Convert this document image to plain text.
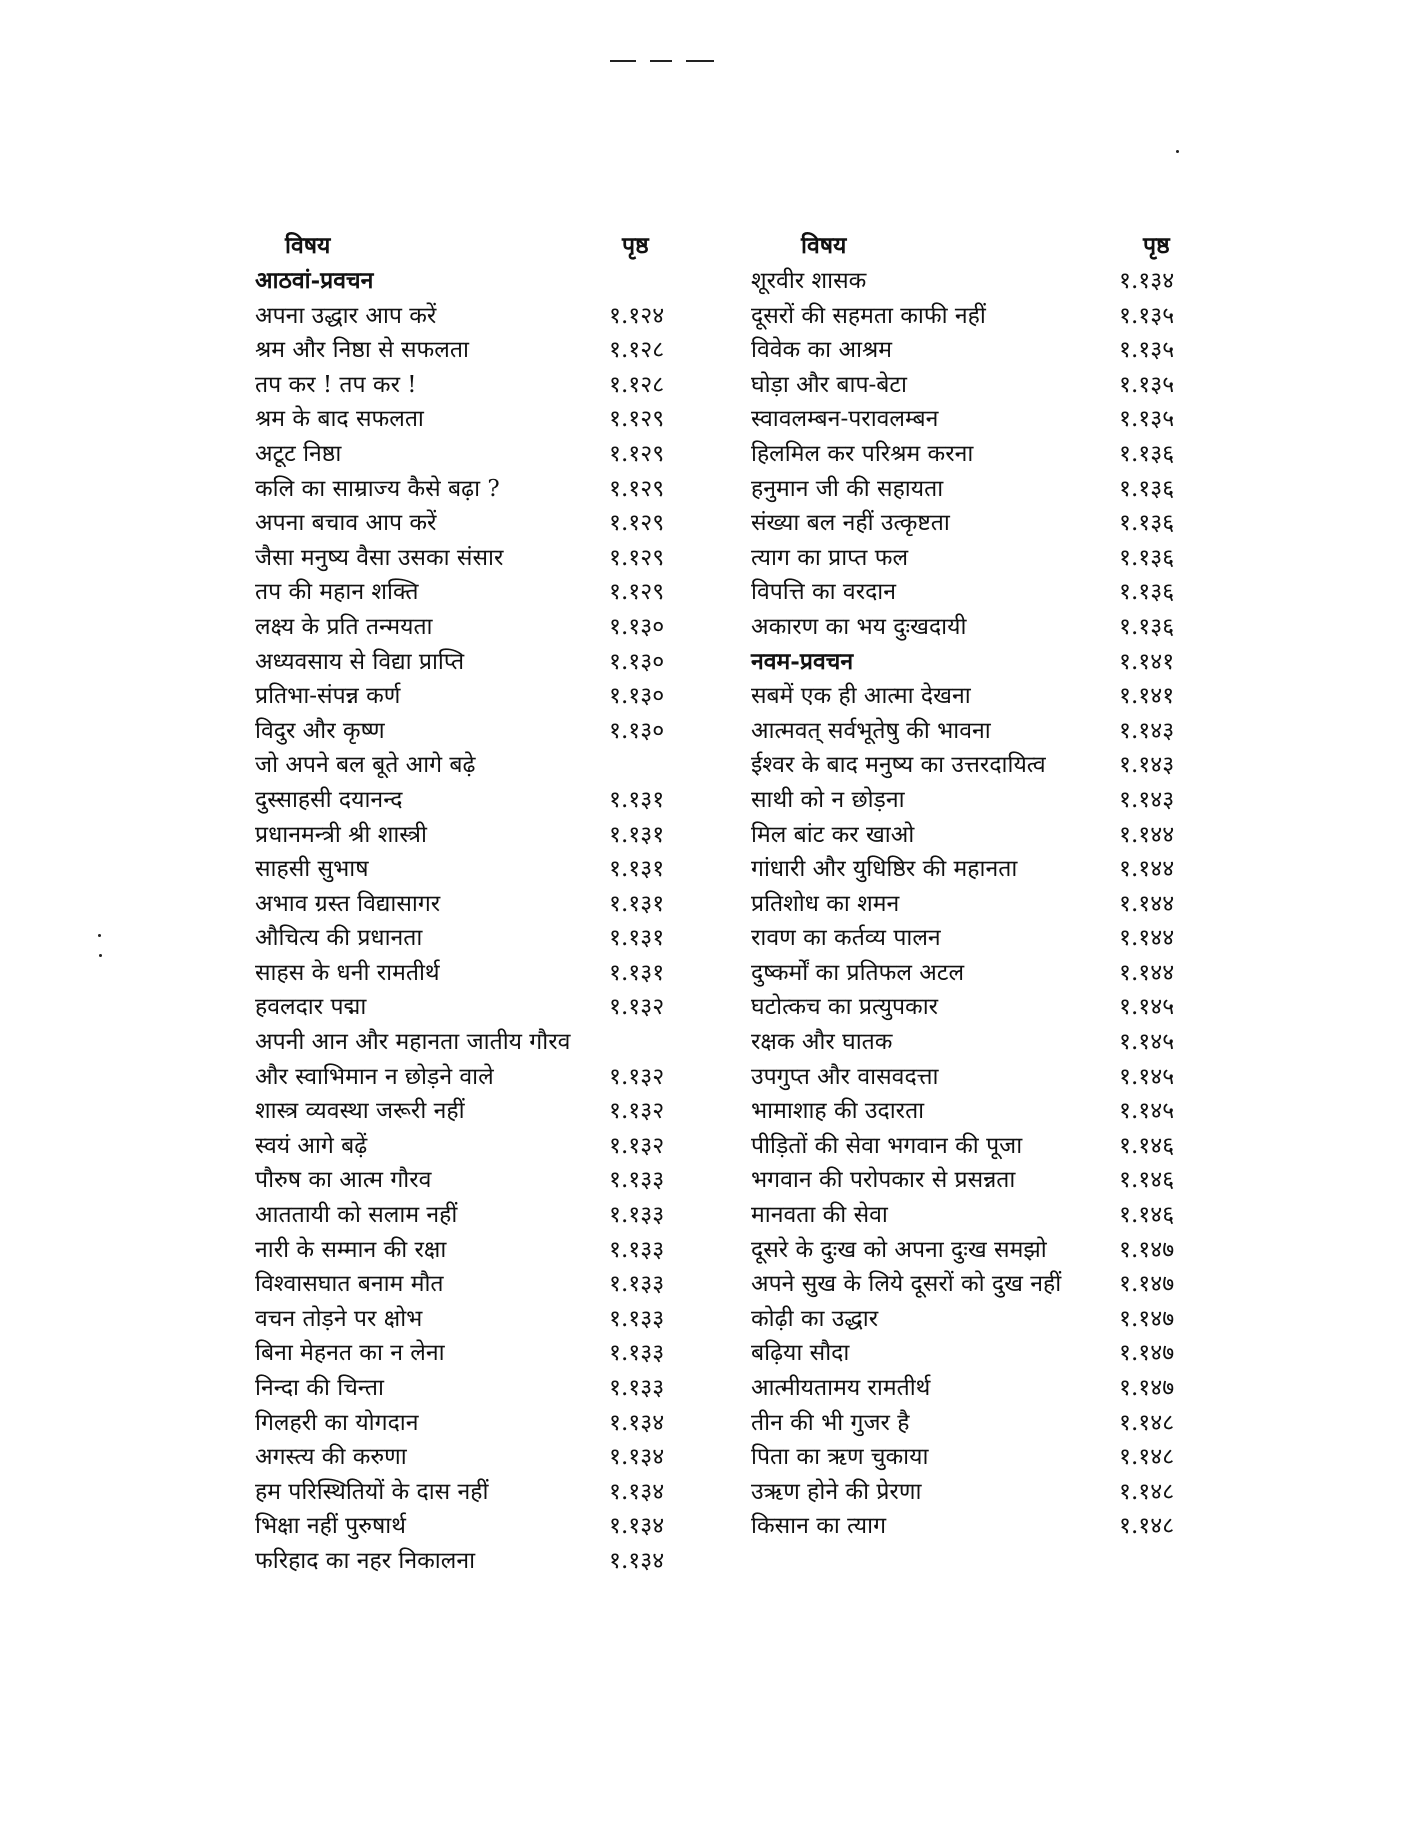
विषय	पृष्ठ
आठवां-प्रवचन
अपना उद्धार आप करें	१.१२४
श्रम और निष्ठा से सफलता	१.१२८
तप कर ! तप कर !	१.१२८
श्रम के बाद सफलता	१.१२९
अटूट निष्ठा	१.१२९
कलि का साम्राज्य कैसे बढ़ा ?	१.१२९
अपना बचाव आप करें	१.१२९
जैसा मनुष्य वैसा उसका संसार	१.१२९
तप की महान शक्ति	१.१२९
लक्ष्य के प्रति तन्मयता	१.१३०
अध्यवसाय से विद्या प्राप्ति	१.१३०
प्रतिभा-संपन्न कर्ण	१.१३०
विदुर और कृष्ण	१.१३०
जो अपने बल बूते आगे बढ़े
दुस्साहसी दयानन्द	१.१३१
प्रधानमन्त्री श्री शास्त्री	१.१३१
साहसी सुभाष	१.१३१
अभाव ग्रस्त विद्यासागर	१.१३१
औचित्य की प्रधानता	१.१३१
साहस के धनी रामतीर्थ	१.१३१
हवलदार पद्मा	१.१३२
अपनी आन और महानता जातीय गौरव
और स्वाभिमान न छोड़ने वाले	१.१३२
शास्त्र व्यवस्था जरूरी नहीं	१.१३२
स्वयं आगे बढ़ें	१.१३२
पौरुष का आत्म गौरव	१.१३३
आततायी को सलाम नहीं	१.१३३
नारी के सम्मान की रक्षा	१.१३३
विश्वासघात बनाम मौत	१.१३३
वचन तोड़ने पर क्षोभ	१.१३३
बिना मेहनत का न लेना	१.१३३
निन्दा की चिन्ता	१.१३३
गिलहरी का योगदान	१.१३४
अगस्त्य की करुणा	१.१३४
हम परिस्थितियों के दास नहीं	१.१३४
भिक्षा नहीं पुरुषार्थ	१.१३४
फरिहाद का नहर निकालना	१.१३४
विषय	पृष्ठ
शूरवीर शासक	१.१३४
दूसरों की सहमता काफी नहीं	१.१३५
विवेक का आश्रम	१.१३५
घोड़ा और बाप-बेटा	१.१३५
स्वावलम्बन-परावलम्बन	१.१३५
हिलमिल कर परिश्रम करना	१.१३६
हनुमान जी की सहायता	१.१३६
संख्या बल नहीं उत्कृष्टता	१.१३६
त्याग का प्राप्त फल	१.१३६
विपत्ति का वरदान	१.१३६
अकारण का भय दुःखदायी	१.१३६
नवम-प्रवचन	१.१४१
सबमें एक ही आत्मा देखना	१.१४१
आत्मवत् सर्वभूतेषु की भावना	१.१४३
ईश्वर के बाद मनुष्य का उत्तरदायित्व	१.१४३
साथी को न छोड़ना	१.१४३
मिल बांट कर खाओ	१.१४४
गांधारी और युधिष्ठिर की महानता	१.१४४
प्रतिशोध का शमन	१.१४४
रावण का कर्तव्य पालन	१.१४४
दुष्कर्मों का प्रतिफल अटल	१.१४४
घटोत्कच का प्रत्युपकार	१.१४५
रक्षक और घातक	१.१४५
उपगुप्त और वासवदत्ता	१.१४५
भामाशाह की उदारता	१.१४५
पीड़ितों की सेवा भगवान की पूजा	१.१४६
भगवान की परोपकार से प्रसन्नता	१.१४६
मानवता की सेवा	१.१४६
दूसरे के दुःख को अपना दुःख समझो	१.१४७
अपने सुख के लिये दूसरों को दुख नहीं	१.१४७
कोढ़ी का उद्धार	१.१४७
बढ़िया सौदा	१.१४७
आत्मीयतामय रामतीर्थ	१.१४७
तीन की भी गुजर है	१.१४८
पिता का ऋण चुकाया	१.१४८
उऋण होने की प्रेरणा	१.१४८
किसान का त्याग	१.१४८
